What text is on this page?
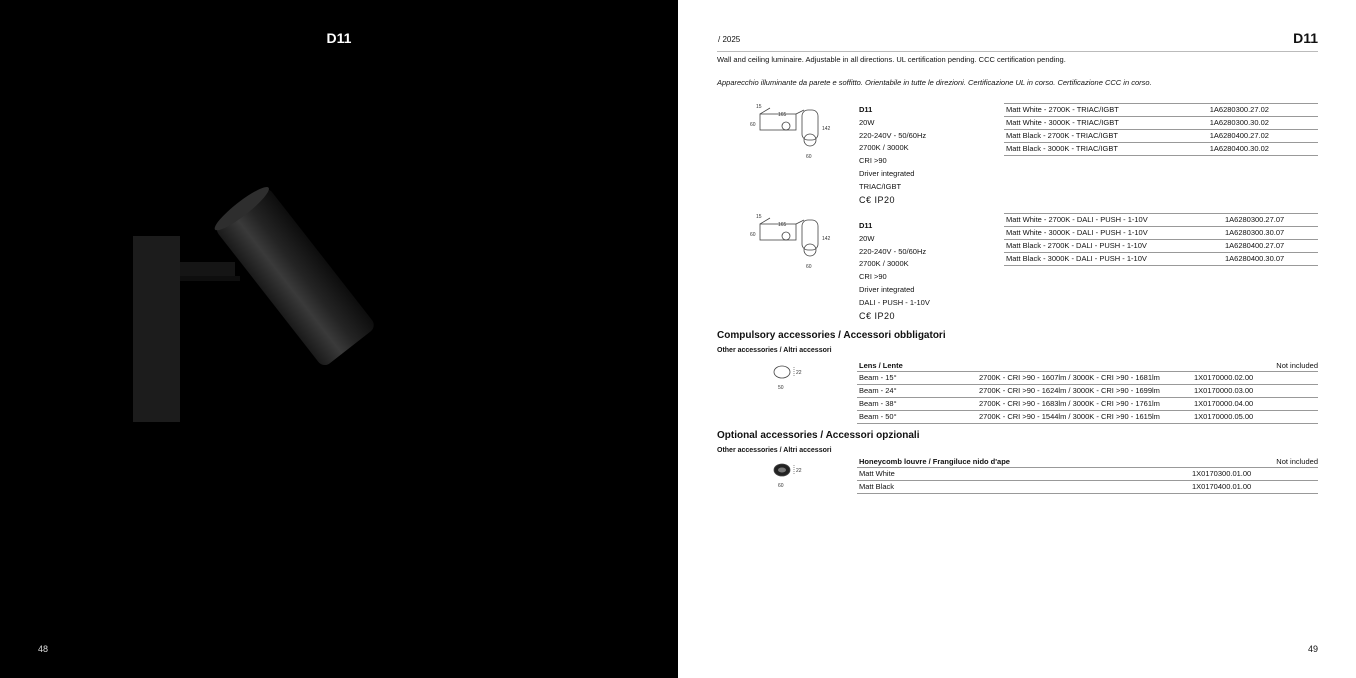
D11
48
/ 2025	D11
Wall and ceiling luminaire. Adjustable in all directions. UL certification pending. CCC certification pending.
Apparecchio illuminante da parete e soffitto. Orientabile in tutte le direzioni. Certificazione UL in corso. Certificazione CCC in corso.
15
165
60
142
60
D11
20W
220-240V - 50/60Hz
2700K / 3000K
CRI >90
Driver integrated
TRIAC/IGBT
C€ IP20
Matt White - 2700K - TRIAC/IGBT	1A6280300.27.02
Matt White - 3000K - TRIAC/IGBT	1A6280300.30.02
Matt Black - 2700K - TRIAC/IGBT	1A6280400.27.02
Matt Black - 3000K - TRIAC/IGBT	1A6280400.30.02
15
165
60
142
60
D11
20W
220-240V - 50/60Hz
2700K / 3000K
CRI >90
Driver integrated
DALI - PUSH - 1-10V
C€ IP20
Matt White - 2700K - DALI - PUSH - 1-10V	1A6280300.27.07
Matt White - 3000K - DALI - PUSH - 1-10V	1A6280300.30.07
Matt Black - 2700K - DALI - PUSH - 1-10V	1A6280400.27.07
Matt Black - 3000K - DALI - PUSH - 1-10V	1A6280400.30.07
Compulsory accessories / Accessori obbligatori
Other accessories / Altri accessori
22
50
Lens / Lente	Not included
Beam - 15°	2700K - CRI >90 - 1607lm / 3000K - CRI >90 - 1681lm	1X0170000.02.00
Beam - 24°	2700K - CRI >90 - 1624lm / 3000K - CRI >90 - 1699lm	1X0170000.03.00
Beam - 38°	2700K - CRI >90 - 1683lm / 3000K - CRI >90 - 1761lm	1X0170000.04.00
Beam - 50°	2700K - CRI >90 - 1544lm / 3000K - CRI >90 - 1615lm	1X0170000.05.00
Optional accessories / Accessori opzionali
Other accessories / Altri accessori
22
60
Honeycomb louvre / Frangiluce nido d'ape	Not included
Matt White	1X0170300.01.00
Matt Black	1X0170400.01.00
49
